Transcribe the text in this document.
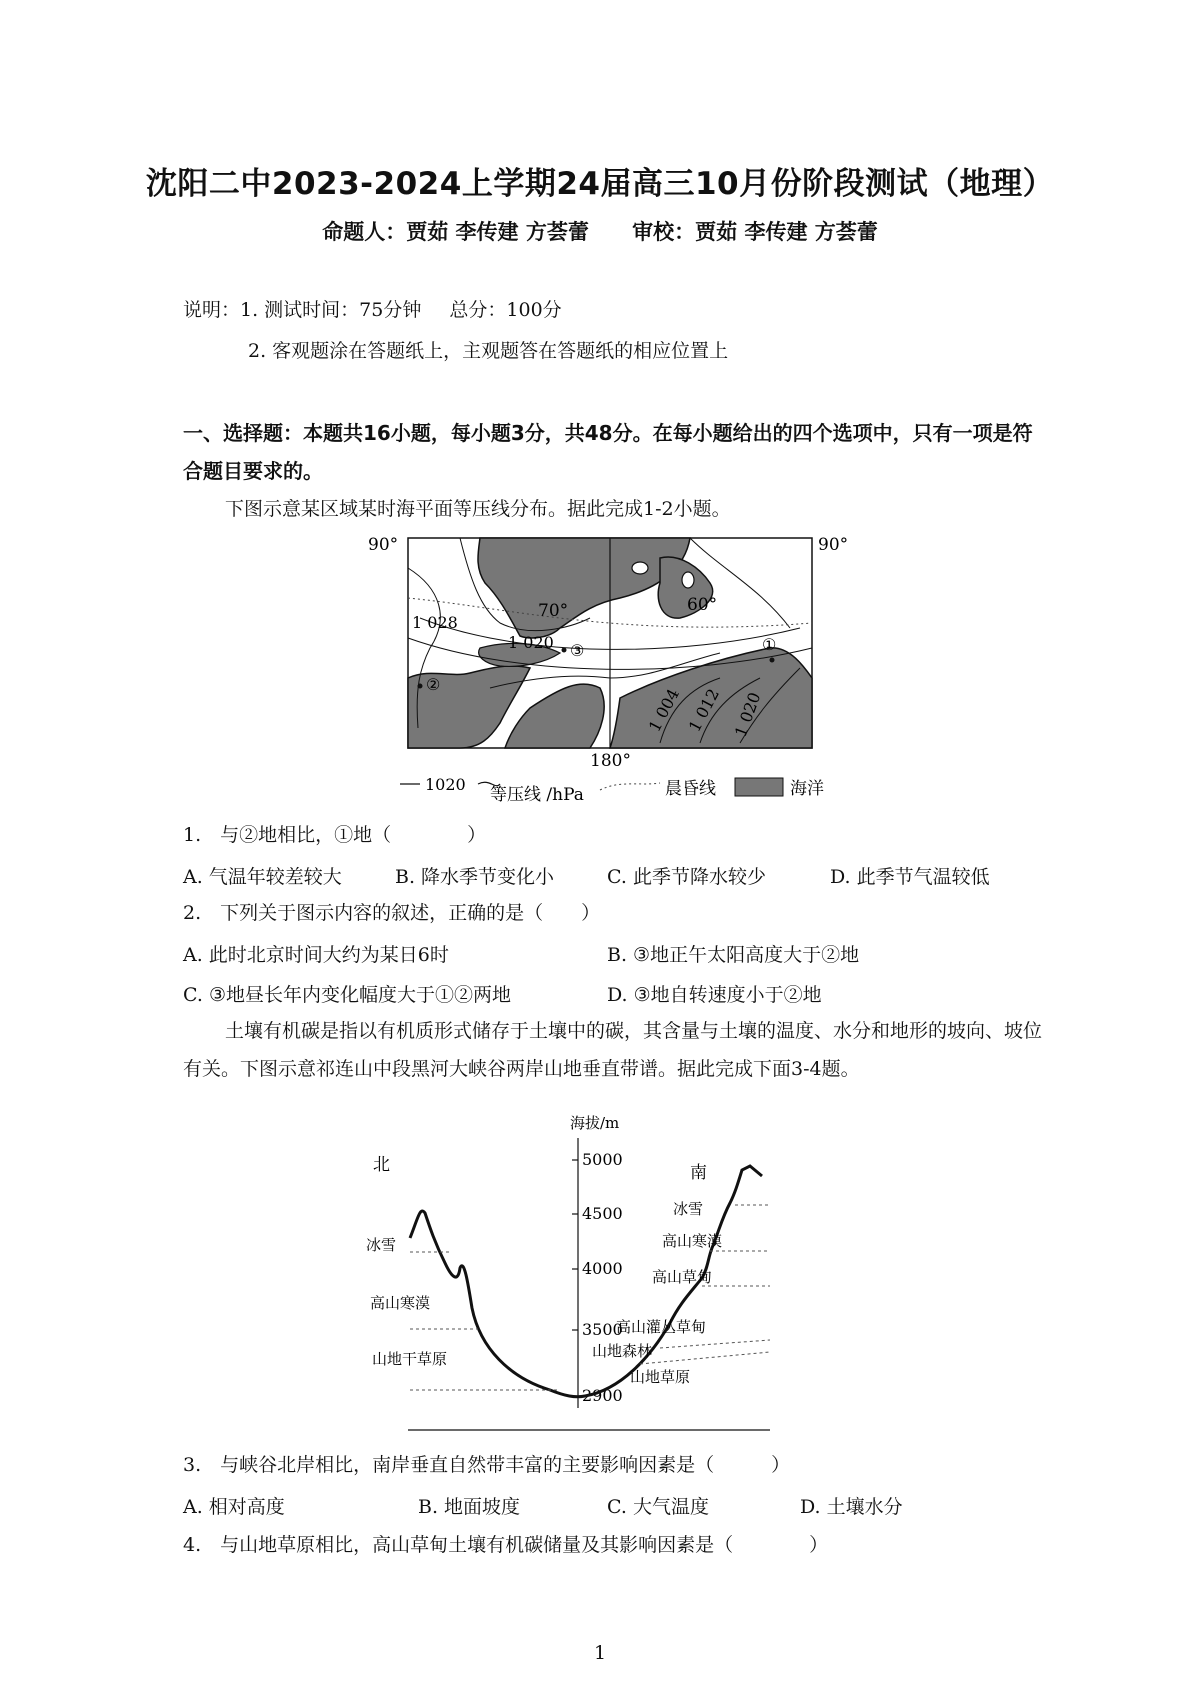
沈阳二中2023-2024上学期24届高三10月份阶段测试（地理）
命题人：贾茹 李传建 方荟蕾 审校：贾茹 李传建 方荟蕾
说明：1. 测试时间：75分钟 总分：100分
2. 客观题涂在答题纸上，主观题答在答题纸的相应位置上
一、选择题：本题共16小题，每小题3分，共48分。在每小题给出的四个选项中，只有一项是符合题目要求的。
下图示意某区域某时海平面等压线分布。据此完成1-2小题。
90°	90°
70°	60°
180°
1 028
1 020
1 004 1 012 1 020
③	①
②
1020
等压线 /hPa	晨昏线	海洋
1.　与②地相比，①地（　　　　）
A. 气温年较差较大	B. 降水季节变化小	C. 此季节降水较少	D. 此季节气温较低
2.　下列关于图示内容的叙述，正确的是（　　）
A. 此时北京时间大约为某日6时	B. ③地正午太阳高度大于②地
C. ③地昼长年内变化幅度大于①②两地	D. ③地自转速度小于②地
土壤有机碳是指以有机质形式储存于土壤中的碳，其含量与土壤的温度、水分和地形的坡向、坡位有关。下图示意祁连山中段黑河大峡谷两岸山地垂直带谱。据此完成下面3-4题。
海拔/m
5000
4500
4000
3500
2900
北	南
冰雪
高山寒漠
山地干草原
冰雪
高山寒漠
高山草甸
高山灌丛草甸
山地森林
山地草原
3.　与峡谷北岸相比，南岸垂直自然带丰富的主要影响因素是（　　　）
A. 相对高度	B. 地面坡度	C. 大气温度	D. 土壤水分
4.　与山地草原相比，高山草甸土壤有机碳储量及其影响因素是（　　　　）
1
